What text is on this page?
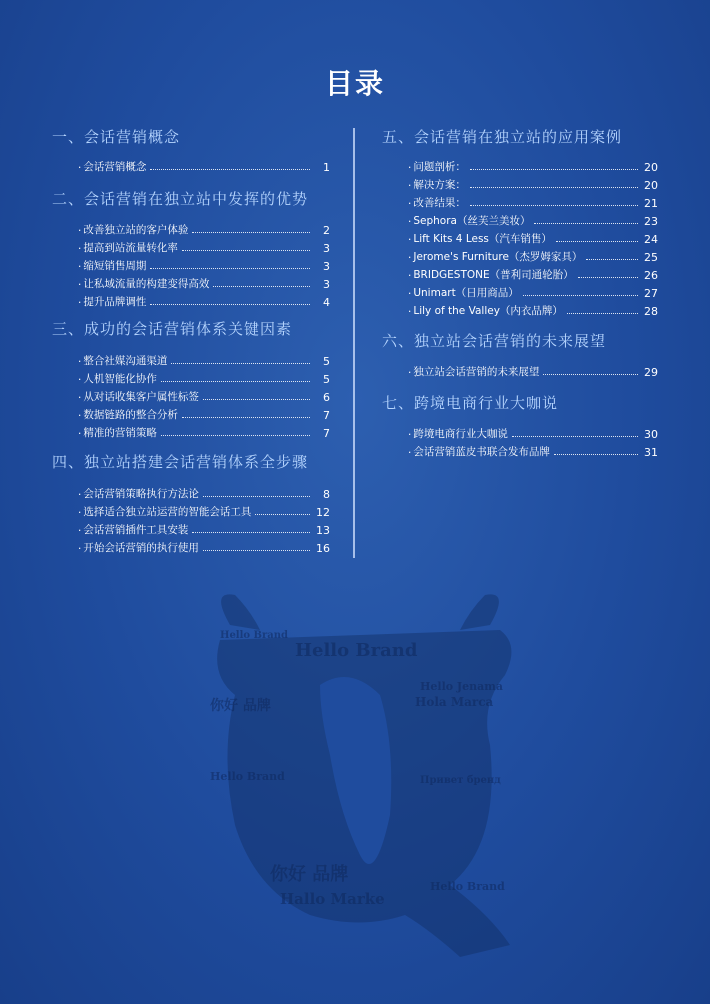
目录
一、会话营销概念
· 会话营销概念	1
二、会话营销在独立站中发挥的优势
· 改善独立站的客户体验	2
· 提高到站流量转化率	3
· 缩短销售周期	3
· 让私域流量的构建变得高效	3
· 提升品牌调性	4
三、成功的会话营销体系关键因素
· 整合社媒沟通渠道	5
· 人机智能化协作	5
· 从对话收集客户属性标签	6
· 数据链路的整合分析	7
· 精准的营销策略	7
四、独立站搭建会话营销体系全步骤
· 会话营销策略执行方法论	8
· 选择适合独立站运营的智能会话工具	12
· 会话营销插件工具安装	13
· 开始会话营销的执行使用	16
五、会话营销在独立站的应用案例
· 问题剖析：	20
· 解决方案：	20
· 改善结果：	21
· Sephora（丝芙兰美妆）	23
· Lift Kits 4 Less（汽车销售）	24
· Jerome's Furniture（杰罗姆家具）	25
· BRIDGESTONE（普利司通轮胎）	26
· Unimart（日用商品）	27
· Lily of the Valley（内衣品牌）	28
六、独立站会话营销的未来展望
· 独立站会话营销的未来展望	29
七、跨境电商行业大咖说
· 跨境电商行业大咖说	30
· 会话营销蓝皮书联合发布品牌	31
Hello Brand
Hello Brand
你好 品牌	Hola Marca
Hello Jenama
Hello Brand	Привет бренд
你好 品牌
Hallo Marke
Hello Brand
